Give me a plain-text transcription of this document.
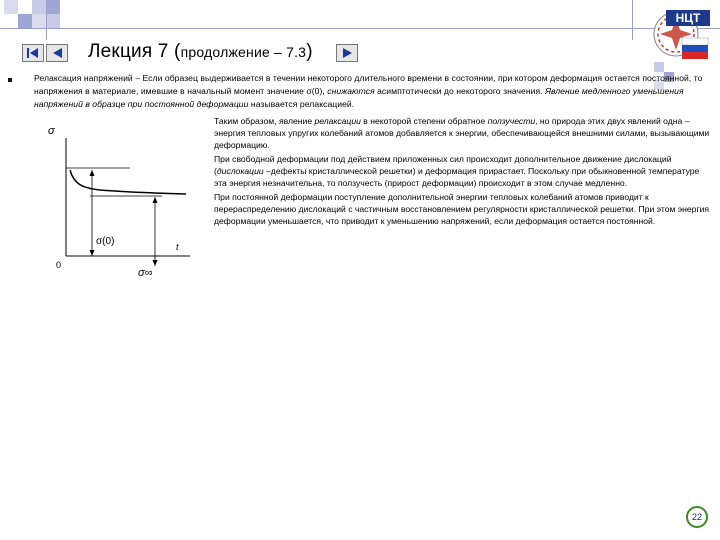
Лекция 7 (продолжение – 7.3)
НЦТ
Релаксация напряжений – Если образец выдерживается в течении некоторого длительного времени в состоянии, при котором деформация остается постоянной, то напряжения в материале, имевшие в начальный момент значение σ(0), снижаются асимптотически до некоторого значения. Явление медленного уменьшения напряжений в образце при постоянной деформации называется релаксацией.
σ
σ(0)	t
0
σ∞

Таким образом, явление релаксации в некоторой степени обратное ползучести, но природа этих двух явлений одна – энергия тепловых упругих колебаний атомов добавляется к энергии, обеспечивающейся внешними силами, вызывающими деформацию.

При свободной деформации под действием приложенных сил происходит дополнительное движение дислокаций (дислокации –дефекты кристаллической решетки) и деформация прирастает. Поскольку при обыкновенной температуре эта энергия незначительна, то ползучесть (прирост деформации) происходит в этом случае медленно.

При постоянной деформации поступление дополнительной энергии тепловых колебаний атомов приводит к перераспределению дислокаций с частичным восстановлением регулярности кристаллической решетки. При этом энергия деформации уменьшается, что приводит к уменьшению напряжений, если деформация остается постоянной.

22
